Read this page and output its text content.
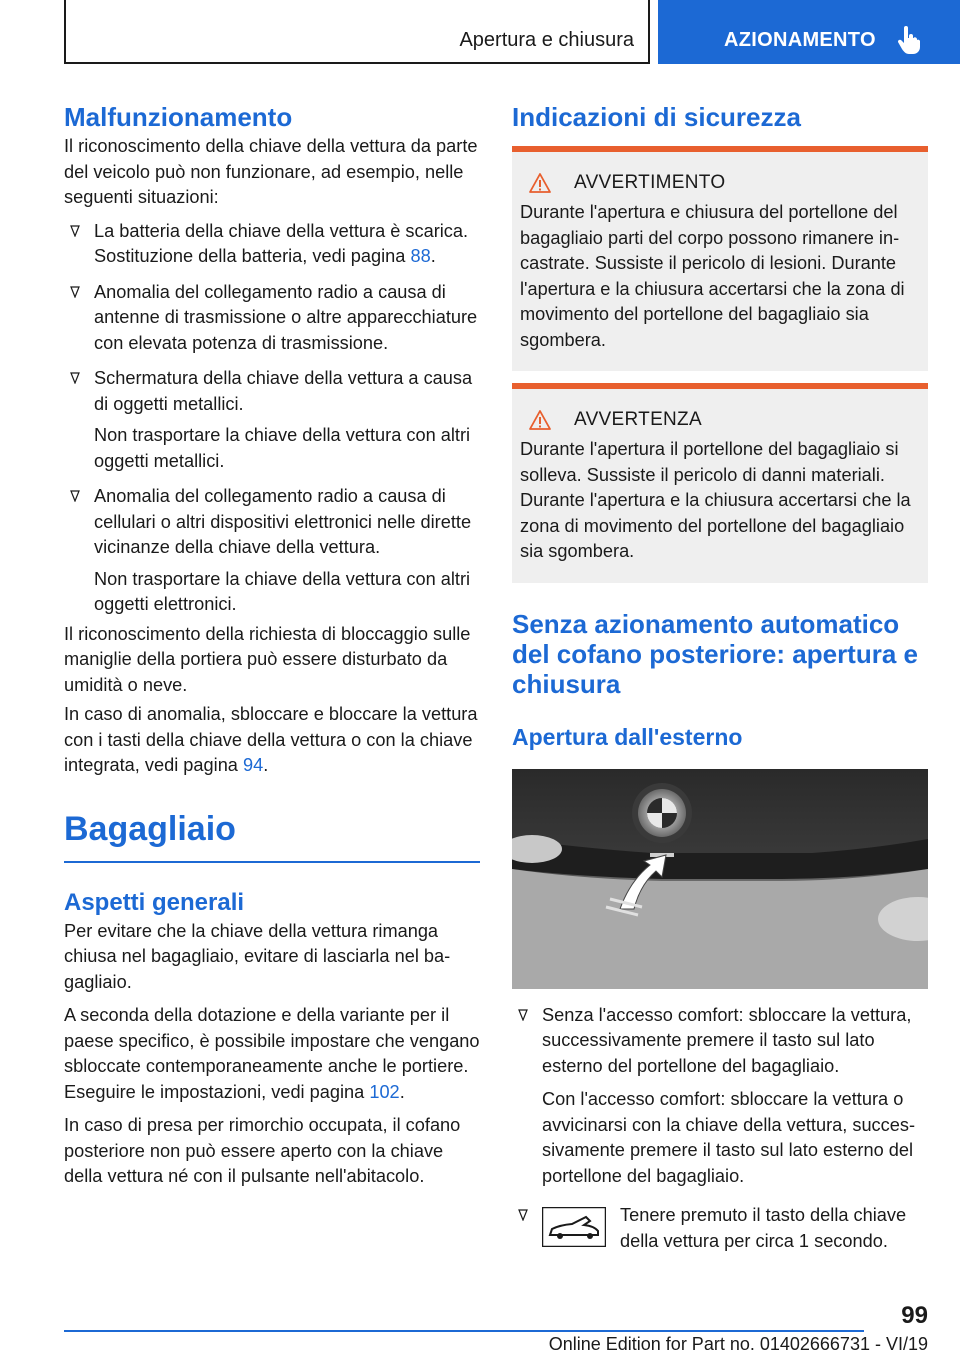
Apertura e chiusura	AZIONAMENTO
Malfunzionamento

Il riconoscimento della chiave della vettura da parte del veicolo può non funzionare, ad esempio, nelle seguenti situazioni:

La batteria della chiave della vettura è scarica. Sostituzione della batteria, vedi pagina 88.

Anomalia del collegamento radio a causa di antenne di trasmissione o altre apparecchiature con elevata potenza di trasmissione.

Schermatura della chiave della vettura a causa di oggetti metallici.

Non trasportare la chiave della vettura con altri oggetti metallici.

Anomalia del collegamento radio a causa di cellulari o altri dispositivi elettronici nelle dirette vicinanze della chiave della vettura.

Non trasportare la chiave della vettura con altri oggetti elettronici.

Il riconoscimento della richiesta di bloccaggio sulle maniglie della portiera può essere disturbato da umidità o neve.

In caso di anomalia, sbloccare e bloccare la vettura con i tasti della chiave della vettura o con la chiave integrata, vedi pagina 94.

Bagagliaio
Aspetti generali

Per evitare che la chiave della vettura rimanga chiusa nel bagagliaio, evitare di lasciarla nel bagagliaio.

A seconda della dotazione e della variante per il paese specifico, è possibile impostare che vengano sbloccate contemporaneamente anche le portiere. Eseguire le impostazioni, vedi pagina 102.

In caso di presa per rimorchio occupata, il cofano posteriore non può essere aperto con la chiave della vettura né con il pulsante nell'abitacolo.

Indicazioni di sicurezza
AVVERTIMENTO

Durante l'apertura e chiusura del portellone del bagagliaio parti del corpo possono rimanere incastrate. Sussiste il pericolo di lesioni. Durante l'apertura e la chiusura accertarsi che la zona di movimento del portellone del bagagliaio sia sgombera.

AVVERTENZA

Durante l'apertura il portellone del bagagliaio si solleva. Sussiste il pericolo di danni materiali. Durante l'apertura e la chiusura accertarsi che la zona di movimento del portellone del bagagliaio sia sgombera.

Senza azionamento automatico del cofano posteriore: apertura e chiusura
Apertura dall'esterno

Senza l'accesso comfort: sbloccare la vettura, successivamente premere il tasto sul lato esterno del portellone del bagagliaio.

Con l'accesso comfort: sbloccare la vettura o avvicinarsi con la chiave della vettura, successivamente premere il tasto sul lato esterno del portellone del bagagliaio.

Tenere premuto il tasto della chiave della vettura per circa 1 secondo.

99
Online Edition for Part no. 01402666731 - VI/19
